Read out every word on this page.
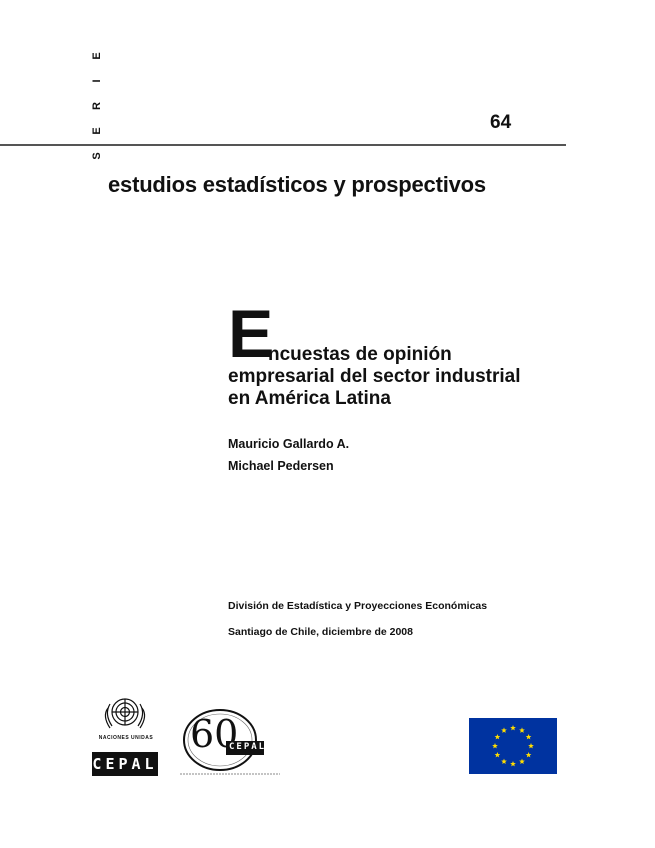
S
E
R
I
E
64
estudios estadísticos y prospectivos
E
ncuestas de opinión
empresarial del sector industrial
en América Latina
Mauricio Gallardo A.
Michael Pedersen
División de Estadística y Proyecciones Económicas
Santiago de Chile, diciembre de 2008
NACIONES UNIDAS
CEPAL
60
CEPAL
